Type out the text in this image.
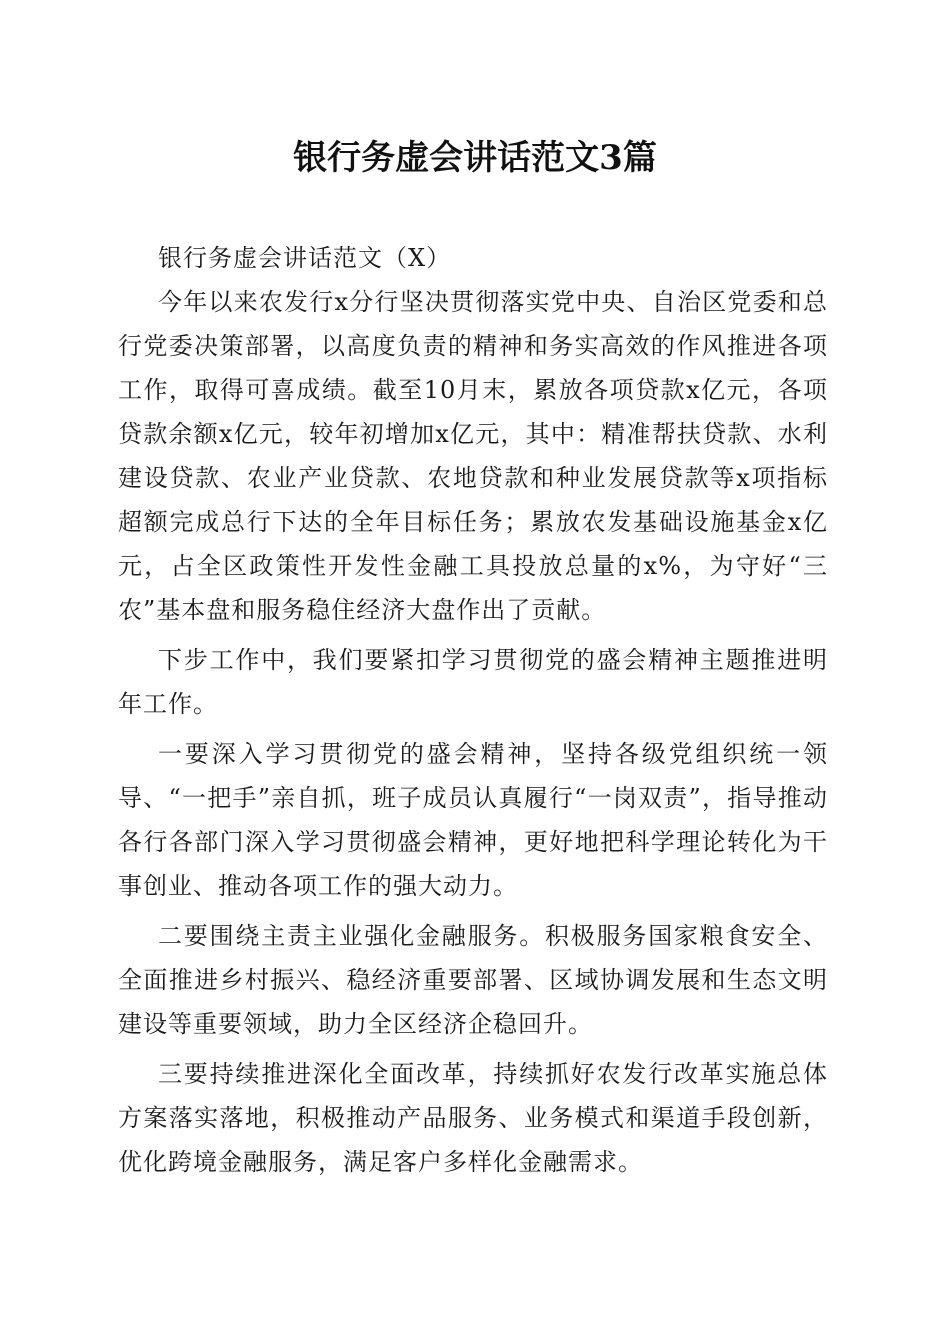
银行务虚会讲话范文3篇

银行务虚会讲话范文（X）

今年以来农发行x分行坚决贯彻落实党中央、自治区党委和总行党委决策部署，以高度负责的精神和务实高效的作风推进各项工作，取得可喜成绩。截至10月末，累放各项贷款x亿元，各项贷款余额x亿元，较年初增加x亿元，其中：精准帮扶贷款、水利建设贷款、农业产业贷款、农地贷款和种业发展贷款等x项指标超额完成总行下达的全年目标任务；累放农发基础设施基金x亿元，占全区政策性开发性金融工具投放总量的x%，为守好“三农”基本盘和服务稳住经济大盘作出了贡献。

下步工作中，我们要紧扣学习贯彻党的盛会精神主题推进明年工作。

一要深入学习贯彻党的盛会精神，坚持各级党组织统一领导、“一把手”亲自抓，班子成员认真履行“一岗双责”，指导推动各行各部门深入学习贯彻盛会精神，更好地把科学理论转化为干事创业、推动各项工作的强大动力。

二要围绕主责主业强化金融服务。积极服务国家粮食安全、全面推进乡村振兴、稳经济重要部署、区域协调发展和生态文明建设等重要领域，助力全区经济企稳回升。

三要持续推进深化全面改革，持续抓好农发行改革实施总体方案落实落地，积极推动产品服务、业务模式和渠道手段创新，优化跨境金融服务，满足客户多样化金融需求。
